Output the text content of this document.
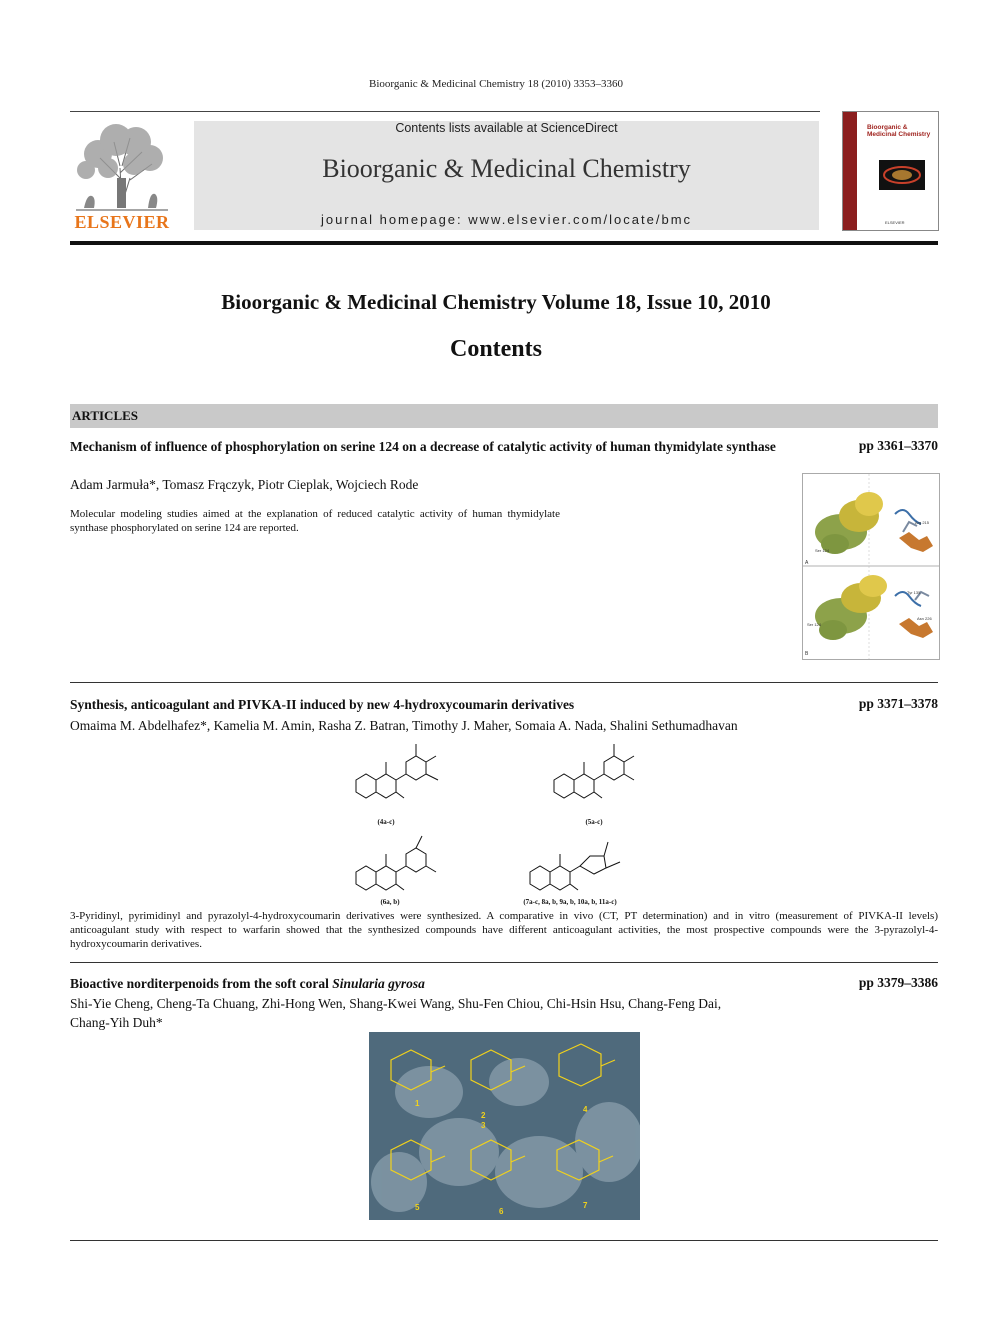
Bioorganic & Medicinal Chemistry 18 (2010) 3353–3360
ELSEVIER
Contents lists available at ScienceDirect
Bioorganic & Medicinal Chemistry
journal homepage: www.elsevier.com/locate/bmc
Bioorganic & Medicinal Chemistry
ELSEVIER
Bioorganic & Medicinal Chemistry Volume 18, Issue 10, 2010
Contents
ARTICLES
Mechanism of influence of phosphorylation on serine 124 on a decrease of catalytic activity of human thymidylate synthase	pp 3361–3370
Adam Jarmuła*, Tomasz Frączyk, Piotr Cieplak, Wojciech Rode
Molecular modeling studies aimed at the explanation of reduced catalytic activity of human thymidylate synthase phosphorylated on serine 124 are reported.
A
B
Ser 124
Ser 124
Arg 215
Tyr 135
Asn 226
Synthesis, anticoagulant and PIVKA-II induced by new 4-hydroxycoumarin derivatives	pp 3371–3378
Omaima M. Abdelhafez*, Kamelia M. Amin, Rasha Z. Batran, Timothy J. Maher, Somaia A. Nada, Shalini Sethumadhavan
(4a-c)	(5a-c)
(6a, b)	(7a-c, 8a, b, 9a, b, 10a, b, 11a-c)
3-Pyridinyl, pyrimidinyl and pyrazolyl-4-hydroxycoumarin derivatives were synthesized. A comparative in vivo (CT, PT determination) and in vitro (measurement of PIVKA-II levels) anticoagulant study with respect to warfarin showed that the synthesized compounds have different anticoagulant activities, the most prospective compounds were the 3-pyrazolyl-4-hydroxycoumarin derivatives.
Bioactive norditerpenoids from the soft coral Sinularia gyrosa	pp 3379–3386
Shi-Yie Cheng, Cheng-Ta Chuang, Zhi-Hong Wen, Shang-Kwei Wang, Shu-Fen Chiou, Chi-Hsin Hsu, Chang-Feng Dai,
Chang-Yih Duh*
1
2
3
4
5	6
7
